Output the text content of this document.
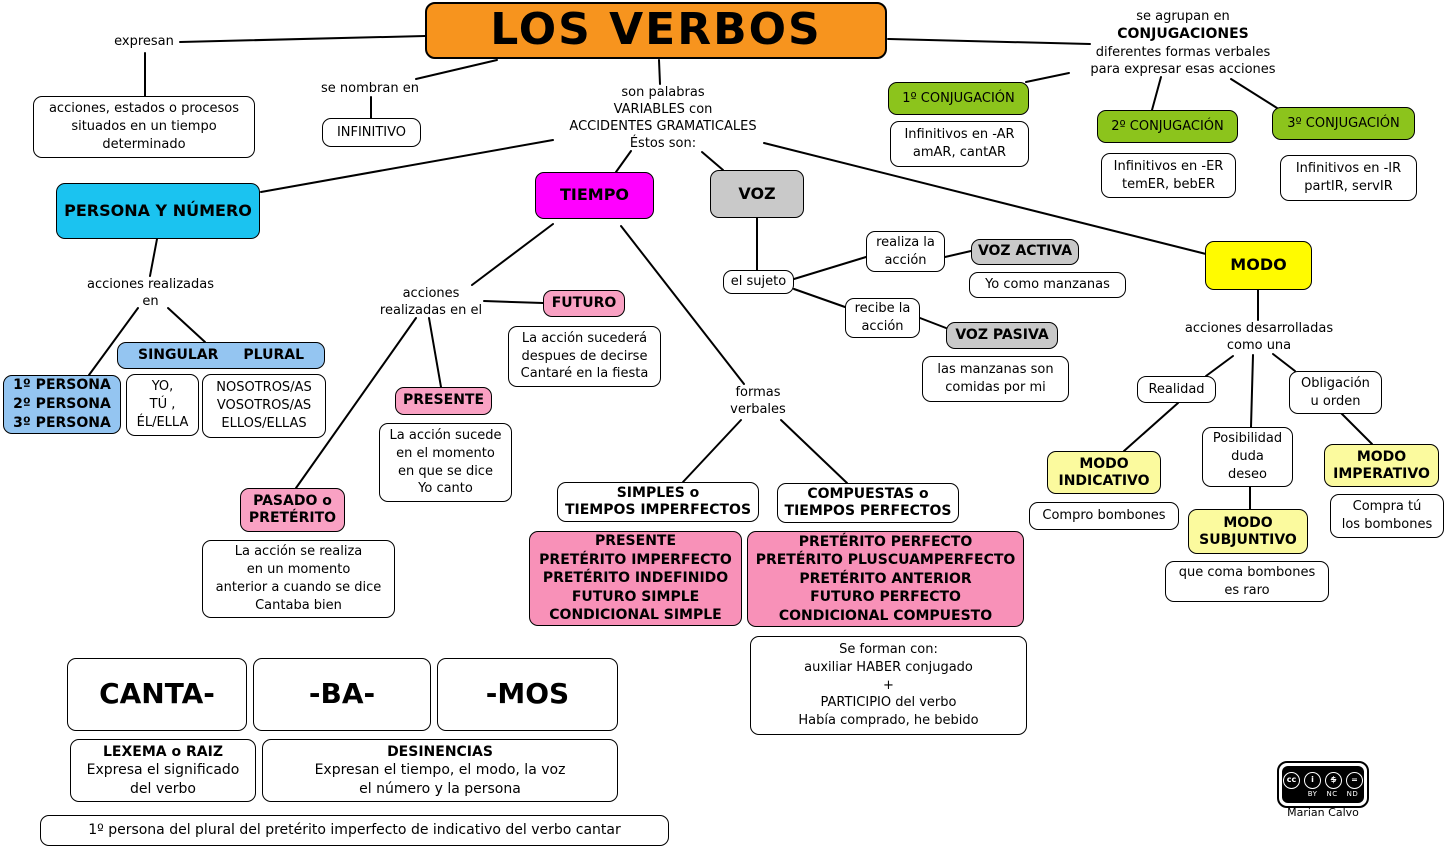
LOS VERBOS
expresan
acciones, estados o procesos
situados en un tiempo
determinado
se nombran en
INFINITIVO
son palabras
VARIABLES con
ACCIDENTES GRAMATICALES
Éstos son:
se agrupan en
CONJUGACIONES
diferentes formas verbales
para expresar esas acciones
1º CONJUGACIÓN
Infinitivos en -AR
amAR, cantAR
2º CONJUGACIÓN
Infinitivos en -ER
temER, bebER
3º CONJUGACIÓN
Infinitivos en -IR
partIR, servIR
PERSONA Y NÚMERO
acciones realizadas
en
SINGULAR PLURAL
1º PERSONA
2º PERSONA
3º PERSONA
YO,
TÚ ,
ÉL/ELLA
NOSOTROS/AS
VOSOTROS/AS
ELLOS/ELLAS
TIEMPO
acciones
realizadas en el	FUTURO
La acción sucederá
despues de decirse
Cantaré en la fiesta
PRESENTE
La acción sucede
en el momento
en que se dice
Yo canto
PASADO o
PRETÉRITO
La acción se realiza
en un momento
anterior a cuando se dice
Cantaba bien
formas
verbales
SIMPLES o
TIEMPOS IMPERFECTOS
COMPUESTAS o
TIEMPOS PERFECTOS
PRESENTE
PRETÉRITO IMPERFECTO
PRETÉRITO INDEFINIDO
FUTURO SIMPLE
CONDICIONAL SIMPLE
PRETÉRITO PERFECTO
PRETÉRITO PLUSCUAMPERFECTO
PRETÉRITO ANTERIOR
FUTURO PERFECTO
CONDICIONAL COMPUESTO
Se forman con:
auxiliar HABER conjugado
+
PARTICIPIO del verbo
Había comprado, he bebido
VOZ
el sujeto
realiza la
acción
VOZ ACTIVA
Yo como manzanas
recibe la
acción
VOZ PASIVA
las manzanas son
comidas por mi
MODO
acciones desarrolladas
como una
Realidad	Obligación
u orden
Posibilidad
duda
deseo
MODO
INDICATIVO
Compro bombones	MODO
SUBJUNTIVO
que coma bombones
es raro
MODO
IMPERATIVO
Compra tú
los bombones
CANTA-	-BA-	-MOS
LEXEMA o RAIZ
Expresa el significado
del verbo
DESINENCIAS
Expresan el tiempo, el modo, la voz
el número y la persona
1º persona del plural del pretérito imperfecto de indicativo del verbo cantar
cc	i	$	=
BY NC ND
Marian Calvo
